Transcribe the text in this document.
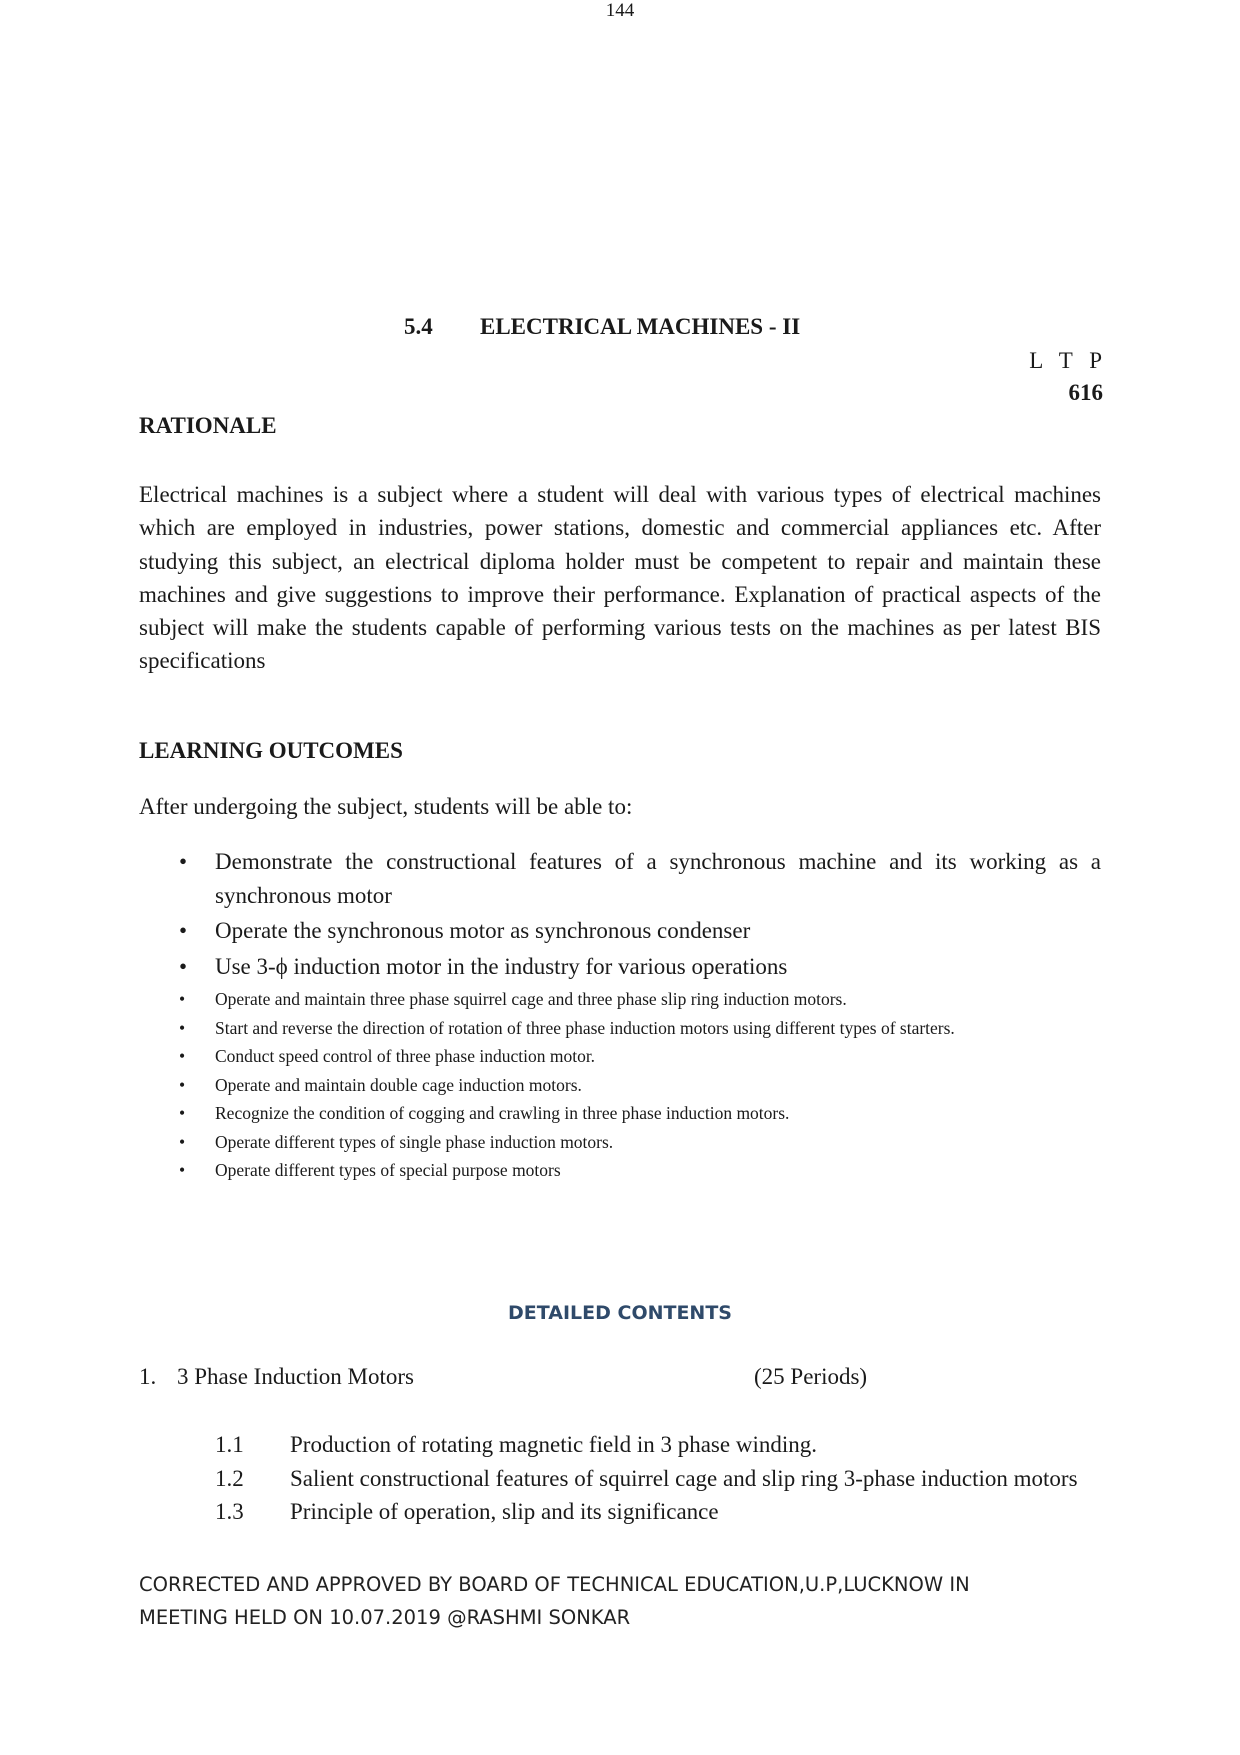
144
5.4 ELECTRICAL MACHINES - II
L T P
616
RATIONALE
Electrical machines is a subject where a student will deal with various types of electrical machines which are employed in industries, power stations, domestic and commercial appliances etc. After studying this subject, an electrical diploma holder must be competent to repair and maintain these machines and give suggestions to improve their performance. Explanation of practical aspects of the subject will make the students capable of performing various tests on the machines as per latest BIS specifications
LEARNING OUTCOMES
After undergoing the subject, students will be able to:
• Demonstrate the constructional features of a synchronous machine and its working as a synchronous motor
• Operate the synchronous motor as synchronous condenser
• Use 3-ϕ induction motor in the industry for various operations
• Operate and maintain three phase squirrel cage and three phase slip ring induction motors.
• Start and reverse the direction of rotation of three phase induction motors using different types of starters.
• Conduct speed control of three phase induction motor.
• Operate and maintain double cage induction motors.
• Recognize the condition of cogging and crawling in three phase induction motors.
• Operate different types of single phase induction motors.
• Operate different types of special purpose motors
DETAILED CONTENTS
1. 3 Phase Induction Motors	(25 Periods)
1.1 Production of rotating magnetic field in 3 phase winding.
1.2 Salient constructional features of squirrel cage and slip ring 3-phase induction motors
1.3 Principle of operation, slip and its significance
CORRECTED AND APPROVED BY BOARD OF TECHNICAL EDUCATION,U.P,LUCKNOW IN
MEETING HELD ON 10.07.2019 @RASHMI SONKAR
